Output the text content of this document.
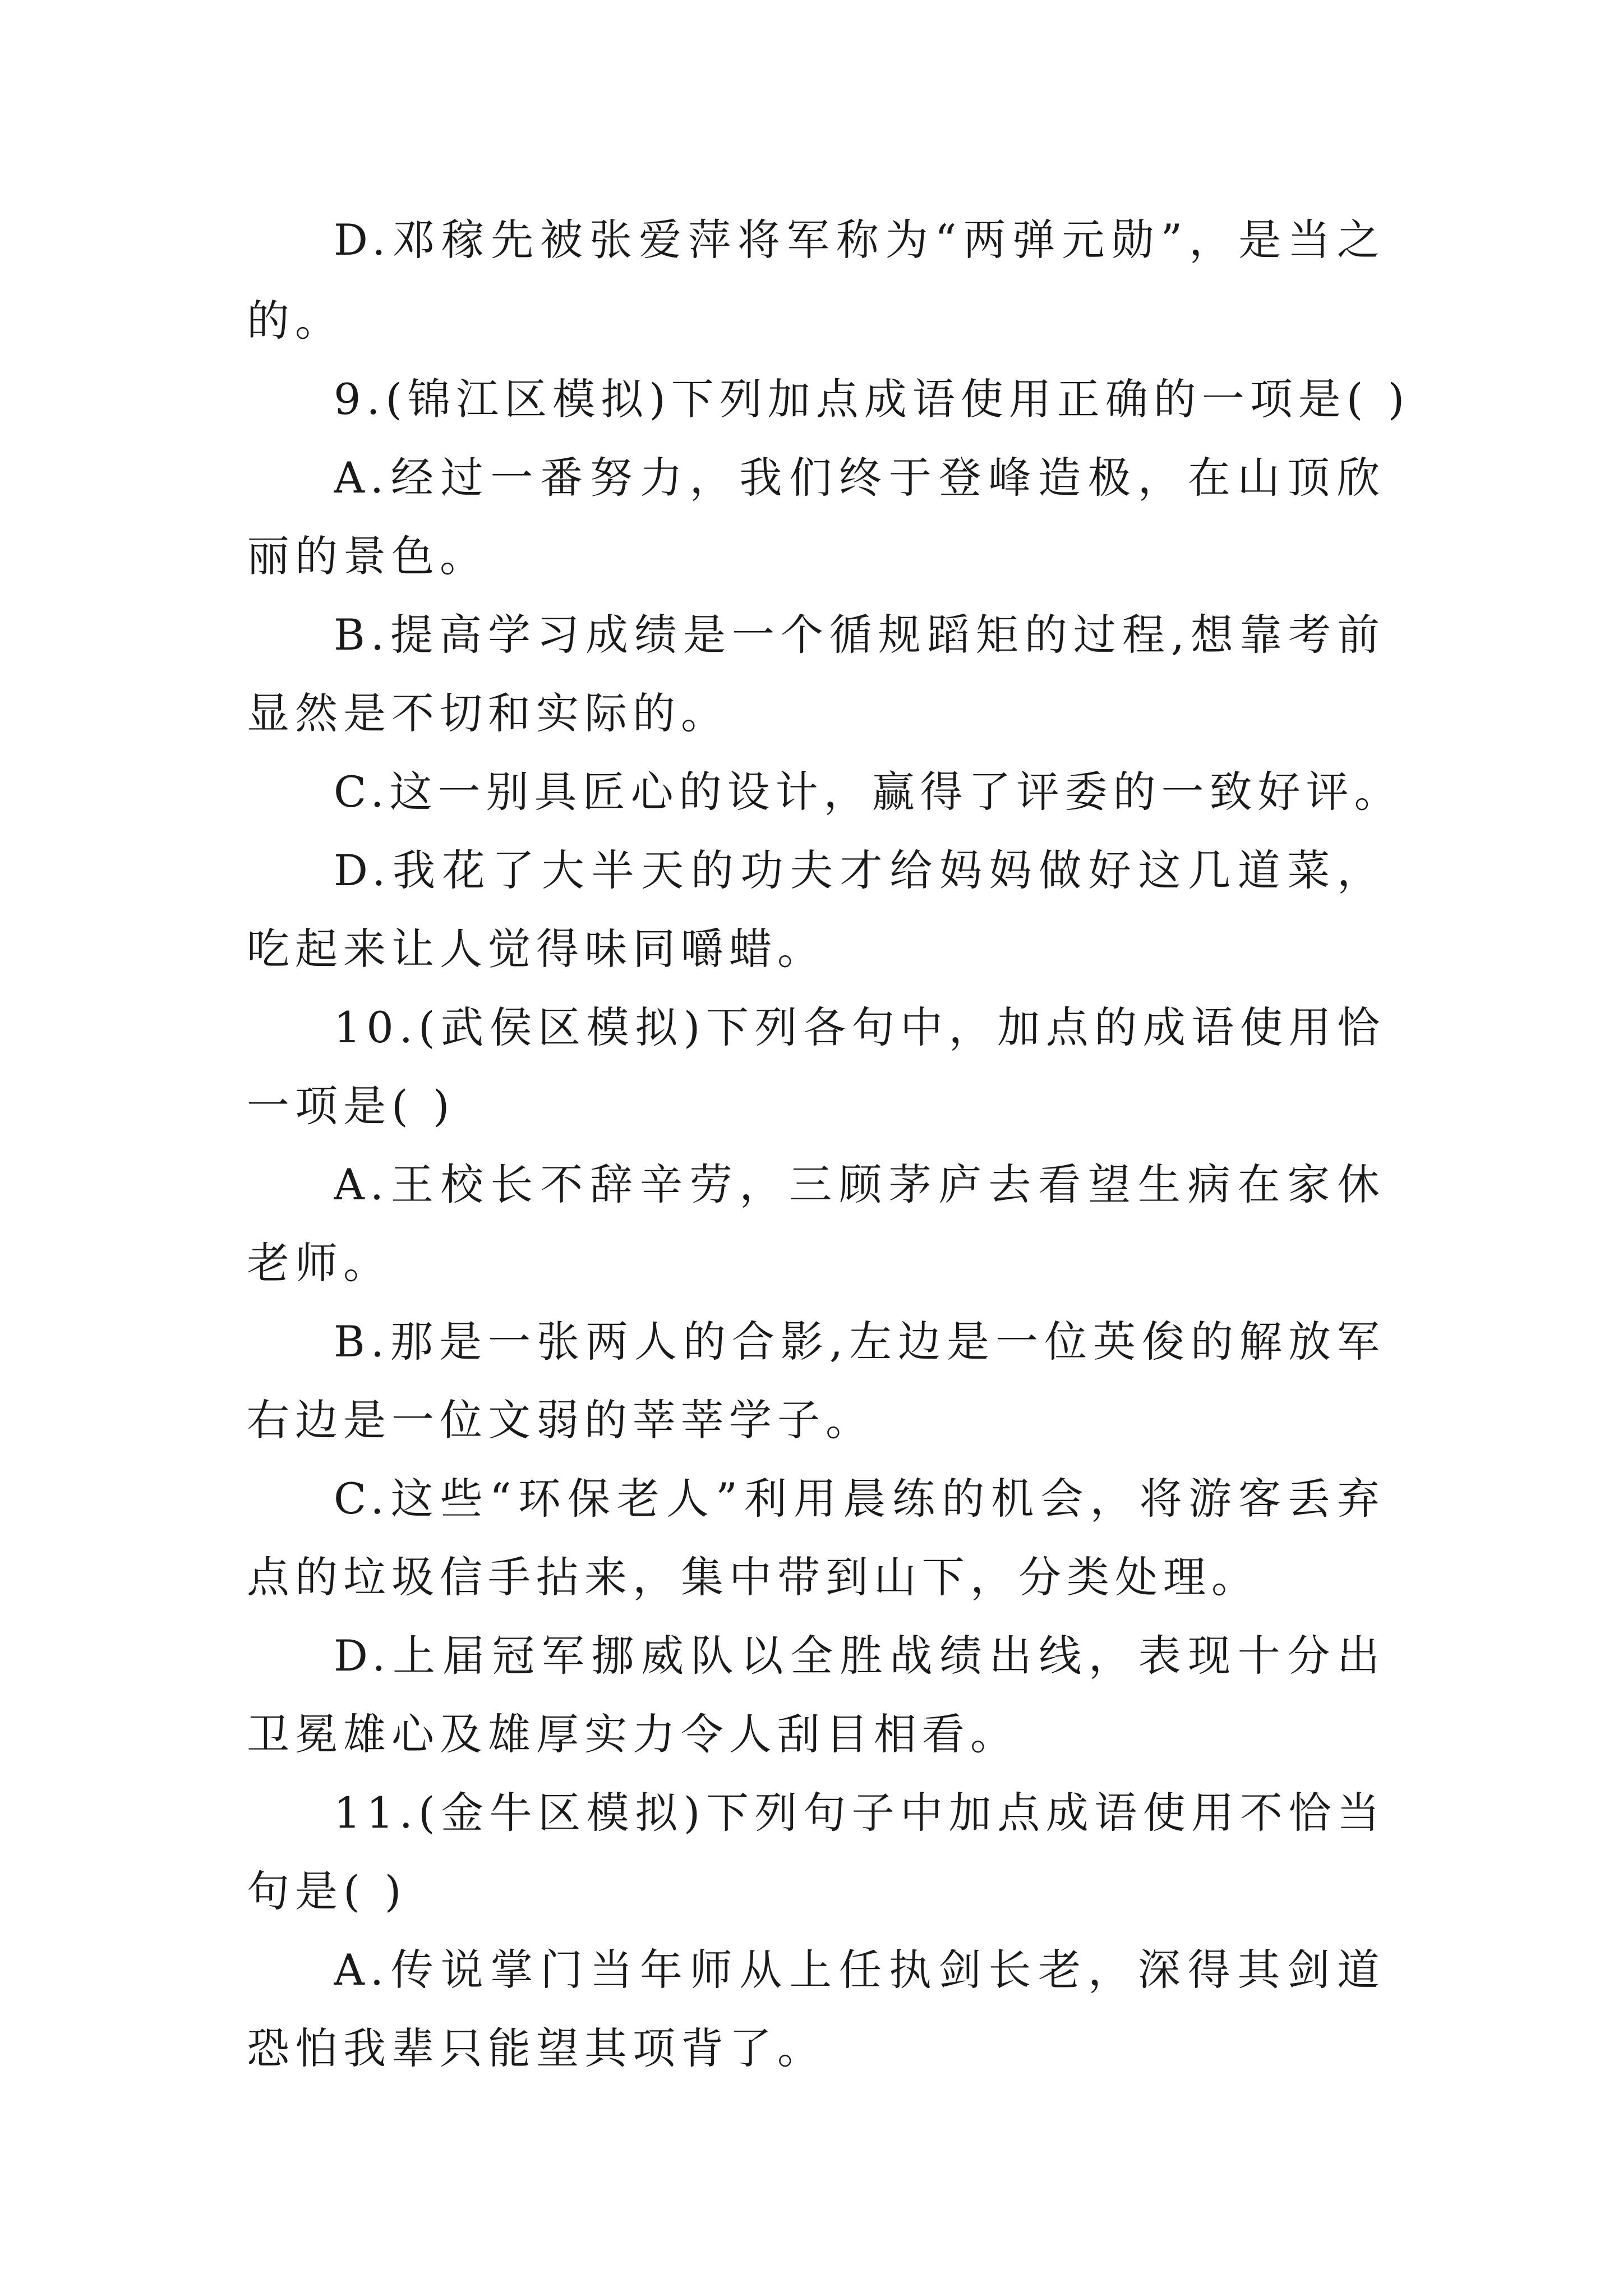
D.邓稼先被张爱萍将军称为“两弹元勋”，是当之
的。
9.(锦江区模拟)下列加点成语使用正确的一项是( )
A.经过一番努力，我们终于登峰造极，在山顶欣
丽的景色。
B.提高学习成绩是一个循规蹈矩的过程,想靠考前
显然是不切和实际的。
C.这一别具匠心的设计，赢得了评委的一致好评。
D.我花了大半天的功夫才给妈妈做好这几道菜，
吃起来让人觉得味同嚼蜡。
10.(武侯区模拟)下列各句中，加点的成语使用恰
一项是( )
A.王校长不辞辛劳，三顾茅庐去看望生病在家休
老师。
B.那是一张两人的合影,左边是一位英俊的解放军
右边是一位文弱的莘莘学子。
C.这些“环保老人”利用晨练的机会，将游客丢弃
点的垃圾信手拈来，集中带到山下，分类处理。
D.上届冠军挪威队以全胜战绩出线，表现十分出
卫冕雄心及雄厚实力令人刮目相看。
11.(金牛区模拟)下列句子中加点成语使用不恰当
句是( )
A.传说掌门当年师从上任执剑长老，深得其剑道
恐怕我辈只能望其项背了。
